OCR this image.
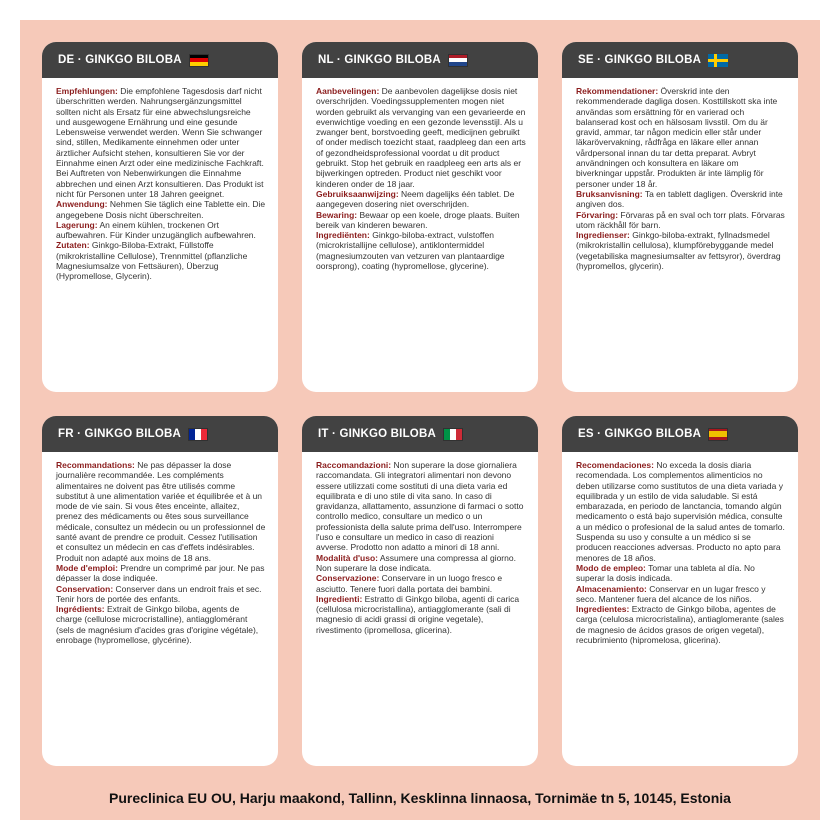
DE · GINKGO BILOBA

Empfehlungen: Die empfohlene Tagesdosis darf nicht überschritten werden. Nahrungsergänzungsmittel sollten nicht als Ersatz für eine abwechslungsreiche und ausgewogene Ernährung und eine gesunde Lebensweise verwendet werden. Wenn Sie schwanger sind, stillen, Medikamente einnehmen oder unter ärztlicher Aufsicht stehen, konsultieren Sie vor der Einnahme einen Arzt oder eine medizinische Fachkraft. Bei Auftreten von Nebenwirkungen die Einnahme abbrechen und einen Arzt konsultieren. Das Produkt ist nicht für Personen unter 18 Jahren geeignet.

Anwendung: Nehmen Sie täglich eine Tablette ein. Die angegebene Dosis nicht überschreiten.

Lagerung: An einem kühlen, trockenen Ort aufbewahren. Für Kinder unzugänglich aufbewahren.

Zutaten: Ginkgo-Biloba-Extrakt, Füllstoffe (mikrokristalline Cellulose), Trennmittel (pflanzliche Magnesiumsalze von Fettsäuren), Überzug (Hypromellose, Glycerin).

NL · GINKGO BILOBA

Aanbevelingen: De aanbevolen dagelijkse dosis niet overschrijden. Voedingssupplementen mogen niet worden gebruikt als vervanging van een gevarieerde en evenwichtige voeding en een gezonde levensstijl. Als u zwanger bent, borstvoeding geeft, medicijnen gebruikt of onder medisch toezicht staat, raadpleeg dan een arts of gezondheidsprofessional voordat u dit product gebruikt. Stop het gebruik en raadpleeg een arts als er bijwerkingen optreden. Product niet geschikt voor kinderen onder de 18 jaar.

Gebruiksaanwijzing: Neem dagelijks één tablet. De aangegeven dosering niet overschrijden.

Bewaring: Bewaar op een koele, droge plaats. Buiten bereik van kinderen bewaren.

Ingrediënten: Ginkgo-biloba-extract, vulstoffen (microkristallijne cellulose), antiklontermiddel (magnesiumzouten van vetzuren van plantaardige oorsprong), coating (hypromellose, glycerine).

SE · GINKGO BILOBA

Rekommendationer: Överskrid inte den rekommenderade dagliga dosen. Kosttillskott ska inte användas som ersättning för en varierad och balanserad kost och en hälsosam livsstil. Om du är gravid, ammar, tar någon medicin eller står under läkarövervakning, rådfråga en läkare eller annan vårdpersonal innan du tar detta preparat. Avbryt användningen och konsultera en läkare om biverkningar uppstår. Produkten är inte lämplig för personer under 18 år.

Bruksanvisning: Ta en tablett dagligen. Överskrid inte angiven dos.

Förvaring: Förvaras på en sval och torr plats. Förvaras utom räckhåll för barn.

Ingredienser: Ginkgo-biloba-extrakt, fyllnadsmedel (mikrokristallin cellulosa), klumpförebyggande medel (vegetabiliska magnesiumsalter av fettsyror), överdrag (hypromellos, glycerin).

FR · GINKGO BILOBA

Recommandations: Ne pas dépasser la dose journalière recommandée. Les compléments alimentaires ne doivent pas être utilisés comme substitut à une alimentation variée et équilibrée et à un mode de vie sain. Si vous êtes enceinte, allaitez, prenez des médicaments ou êtes sous surveillance médicale, consultez un médecin ou un professionnel de santé avant de prendre ce produit. Cessez l'utilisation et consultez un médecin en cas d'effets indésirables. Produit non adapté aux moins de 18 ans.

Mode d'emploi: Prendre un comprimé par jour. Ne pas dépasser la dose indiquée.

Conservation: Conserver dans un endroit frais et sec. Tenir hors de portée des enfants.

Ingrédients: Extrait de Ginkgo biloba, agents de charge (cellulose microcristalline), antiagglomérant (sels de magnésium d'acides gras d'origine végétale), enrobage (hypromellose, glycérine).

IT · GINKGO BILOBA

Raccomandazioni: Non superare la dose giornaliera raccomandata. Gli integratori alimentari non devono essere utilizzati come sostituti di una dieta varia ed equilibrata e di uno stile di vita sano. In caso di gravidanza, allattamento, assunzione di farmaci o sotto controllo medico, consultare un medico o un professionista della salute prima dell'uso. Interrompere l'uso e consultare un medico in caso di reazioni avverse. Prodotto non adatto a minori di 18 anni.

Modalità d'uso: Assumere una compressa al giorno. Non superare la dose indicata.

Conservazione: Conservare in un luogo fresco e asciutto. Tenere fuori dalla portata dei bambini.

Ingredienti: Estratto di Ginkgo biloba, agenti di carica (cellulosa microcristallina), antiagglomerante (sali di magnesio di acidi grassi di origine vegetale), rivestimento (ipromellosa, glicerina).

ES · GINKGO BILOBA

Recomendaciones: No exceda la dosis diaria recomendada. Los complementos alimenticios no deben utilizarse como sustitutos de una dieta variada y equilibrada y un estilo de vida saludable. Si está embarazada, en periodo de lanctancia, tomando algún medicamento o está bajo supervisión médica, consulte a un médico o profesional de la salud antes de tomarlo. Suspenda su uso y consulte a un médico si se producen reacciones adversas. Producto no apto para menores de 18 años.

Modo de empleo: Tomar una tableta al día. No superar la dosis indicada.

Almacenamiento: Conservar en un lugar fresco y seco. Mantener fuera del alcance de los niños.

Ingredientes: Extracto de Ginkgo biloba, agentes de carga (celulosa microcristalina), antiaglomerante (sales de magnesio de ácidos grasos de origen vegetal), recubrimiento (hipromelosa, glicerina).

Pureclinica EU OU, Harju maakond, Tallinn, Kesklinna linnaosa, Tornimäe tn 5, 10145, Estonia
